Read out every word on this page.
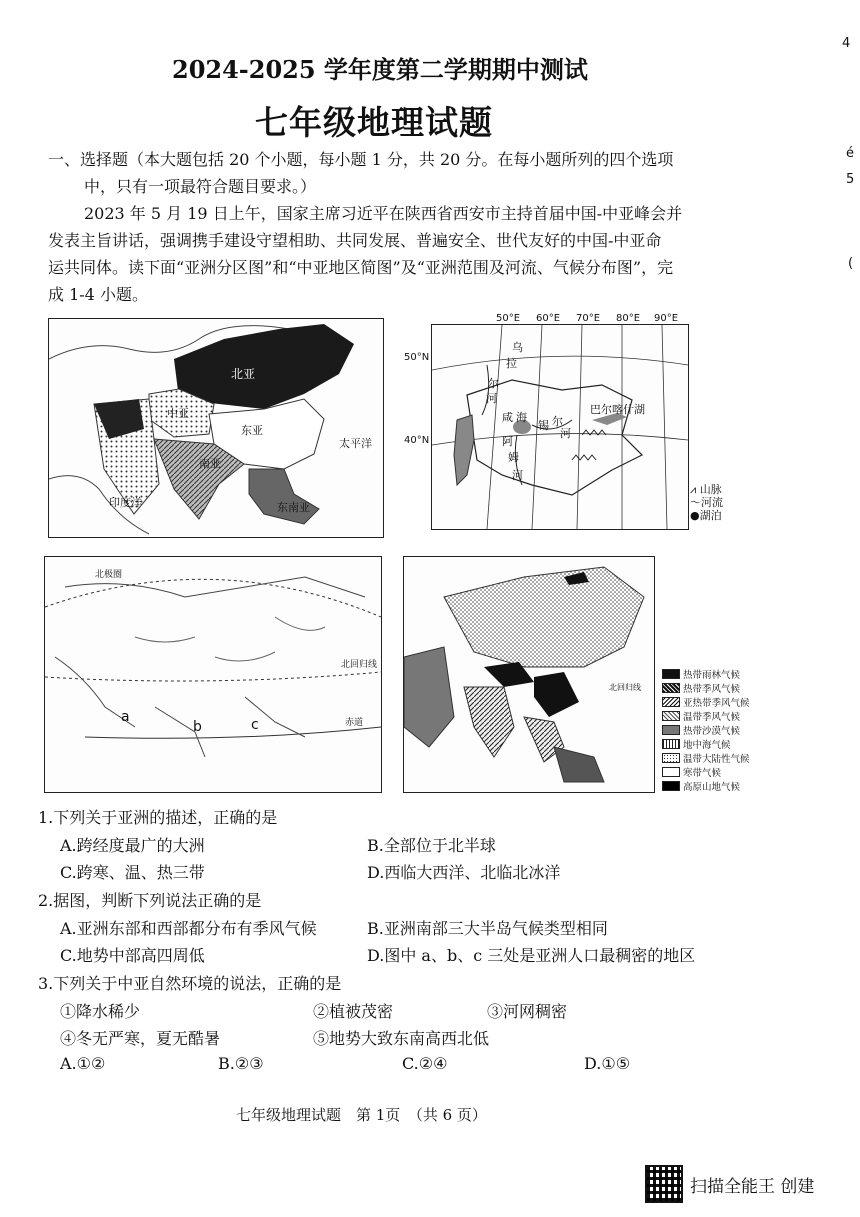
2024-2025 学年度第二学期期中测试
七年级地理试题
一、选择题（本大题包括 20 个小题，每小题 1 分，共 20 分。在每小题所列的四个选项
中，只有一项最符合题目要求。）
2023 年 5 月 19 日上午，国家主席习近平在陕西省西安市主持首届中国-中亚峰会并
发表主旨讲话，强调携手建设守望相助、共同发展、普遍安全、世代友好的中国-中亚命
运共同体。读下面“亚洲分区图”和“中亚地区简图”及“亚洲范围及河流、气候分布图”，完
成 1-4 小题。
北亚
中亚
东亚
南亚
东南亚
太平洋
印度洋
乌
拉
尔
河
咸 海
锡 尔
河
阿
姆
河
巴尔喀什湖
50°E 60°E 70°E 80°E 90°E
50°N
40°N
⩘ 山脉
〜河流
●湖泊
北极圈
北回归线
赤道
a
b	c
北回归线
热带雨林气候
热带季风气候
亚热带季风气候
温带季风气候
热带沙漠气候
地中海气候
温带大陆性气候
寒带气候
高原山地气候
1.下列关于亚洲的描述，正确的是
A.跨经度最广的大洲	B.全部位于北半球
C.跨寒、温、热三带	D.西临大西洋、北临北冰洋
2.据图，判断下列说法正确的是
A.亚洲东部和西部都分布有季风气候	B.亚洲南部三大半岛气候类型相同
C.地势中部高四周低	D.图中 a、b、c 三处是亚洲人口最稠密的地区
3.下列关于中亚自然环境的说法，正确的是
①降水稀少	②植被茂密	③河网稠密
④冬无严寒，夏无酷暑	⑤地势大致东南高西北低
A.①②	B.②③	C.②④	D.①⑤
七年级地理试题　第 1页　（共 6 页）
扫描全能王 创建
4
é
5
(
